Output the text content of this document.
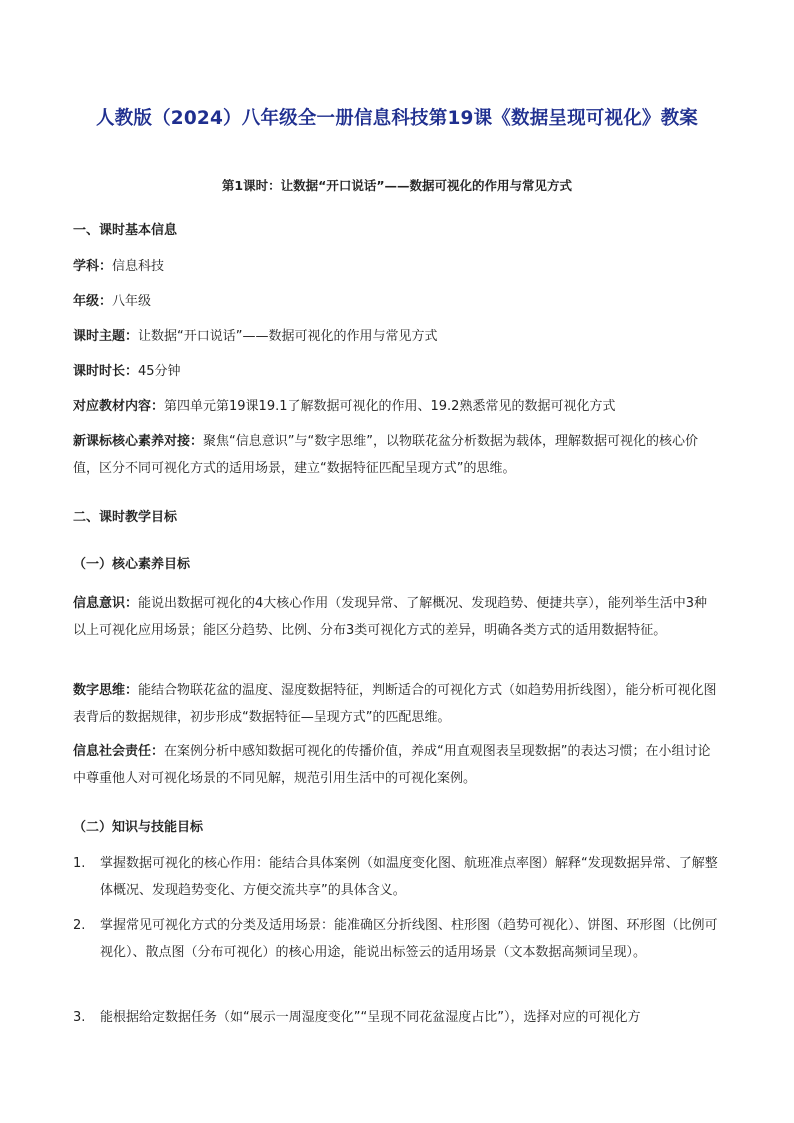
人教版（2024）八年级全一册信息科技第19课《数据呈现可视化》教案
第1课时：让数据“开口说话”——数据可视化的作用与常见方式
一、课时基本信息
学科：信息科技
年级：八年级
课时主题：让数据“开口说话”——数据可视化的作用与常见方式
课时时长：45分钟
对应教材内容：第四单元第19课19.1了解数据可视化的作用、19.2熟悉常见的数据可视化方式
新课标核心素养对接：聚焦“信息意识”与“数字思维”，以物联花盆分析数据为载体，理解数据可视化的核心价值，区分不同可视化方式的适用场景，建立“数据特征匹配呈现方式”的思维。
二、课时教学目标
（一）核心素养目标
信息意识：能说出数据可视化的4大核心作用（发现异常、了解概况、发现趋势、便捷共享），能列举生活中3种以上可视化应用场景；能区分趋势、比例、分布3类可视化方式的差异，明确各类方式的适用数据特征。
数字思维：能结合物联花盆的温度、湿度数据特征，判断适合的可视化方式（如趋势用折线图），能分析可视化图表背后的数据规律，初步形成“数据特征—呈现方式”的匹配思维。
信息社会责任：在案例分析中感知数据可视化的传播价值，养成“用直观图表呈现数据”的表达习惯；在小组讨论中尊重他人对可视化场景的不同见解，规范引用生活中的可视化案例。
（二）知识与技能目标
1.	掌握数据可视化的核心作用：能结合具体案例（如温度变化图、航班准点率图）解释“发现数据异常、了解整体概况、发现趋势变化、方便交流共享”的具体含义。
2.	掌握常见可视化方式的分类及适用场景：能准确区分折线图、柱形图（趋势可视化）、饼图、环形图（比例可视化）、散点图（分布可视化）的核心用途，能说出标签云的适用场景（文本数据高频词呈现）。
3.	能根据给定数据任务（如“展示一周湿度变化”“呈现不同花盆湿度占比”），选择对应的可视化方
